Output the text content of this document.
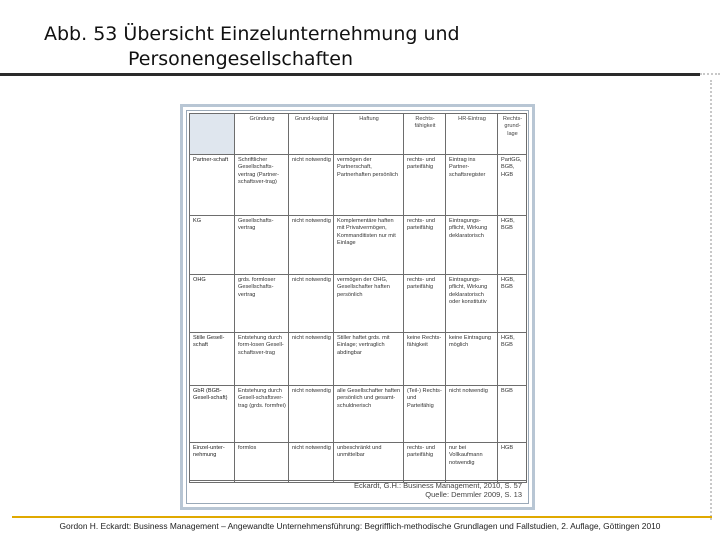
Abb. 53 Übersicht Einzelunternehmung und
Personengesellschaften
	Gründung	Grund-kapital	Haftung	Rechts-fähigkeit	HR-Eintrag	Rechts-grund-lage
Partner-schaft	Schriftlicher Gesellschafts-vertrag (Partner-schaftsver-trag)	nicht notwendig	vermögen der Partnerschaft, Partnerhaften persönlich	rechts- und parteifähig	Eintrag ins Partner-schaftsregister	PartGG, BGB, HGB
KG	Gesellschafts-vertrag	nicht notwendig	Komplementäre haften mit Privatvermögen, Kommanditisten nur mit Einlage	rechts- und parteifähig	Eintragungs-pflicht, Wirkung deklaratorisch	HGB, BGB
OHG	grds. formloser Gesellschafts-vertrag	nicht notwendig	vermögen der OHG, Gesellschafter haften persönlich	rechts- und parteifähig	Eintragungs-pflicht, Wirkung deklaratorisch oder konstitutiv	HGB, BGB
Stille Gesell-schaft	Entstehung durch form-losen Gesell-schaftsver-trag	nicht notwendig	Stiller haftet grds. mit Einlage; vertraglich abdingbar	keine Rechts-fähigkeit	keine Eintragung möglich	HGB, BGB
GbR (BGB-Gesell-schaft)	Entstehung durch Gesell-schaftsver-trag (grds. formfrei)	nicht notwendig	alle Gesellschafter haften persönlich und gesamt-schuldnerisch	(Teil-) Rechts- und Parteifähig	nicht notwendig	BGB
Einzel-unter-nehmung	formlos	nicht notwendig	unbeschränkt und unmittelbar	rechts- und parteifähig	nur bei Vollkaufmann notwendig	HGB
Eckardt, G.H.: Business Management, 2010, S. 57
Quelle: Demmler 2009, S. 13
Gordon H. Eckardt: Business Management – Angewandte Unternehmensführung: Begrifflich-methodische Grundlagen und Fallstudien, 2. Auflage, Göttingen 2010
